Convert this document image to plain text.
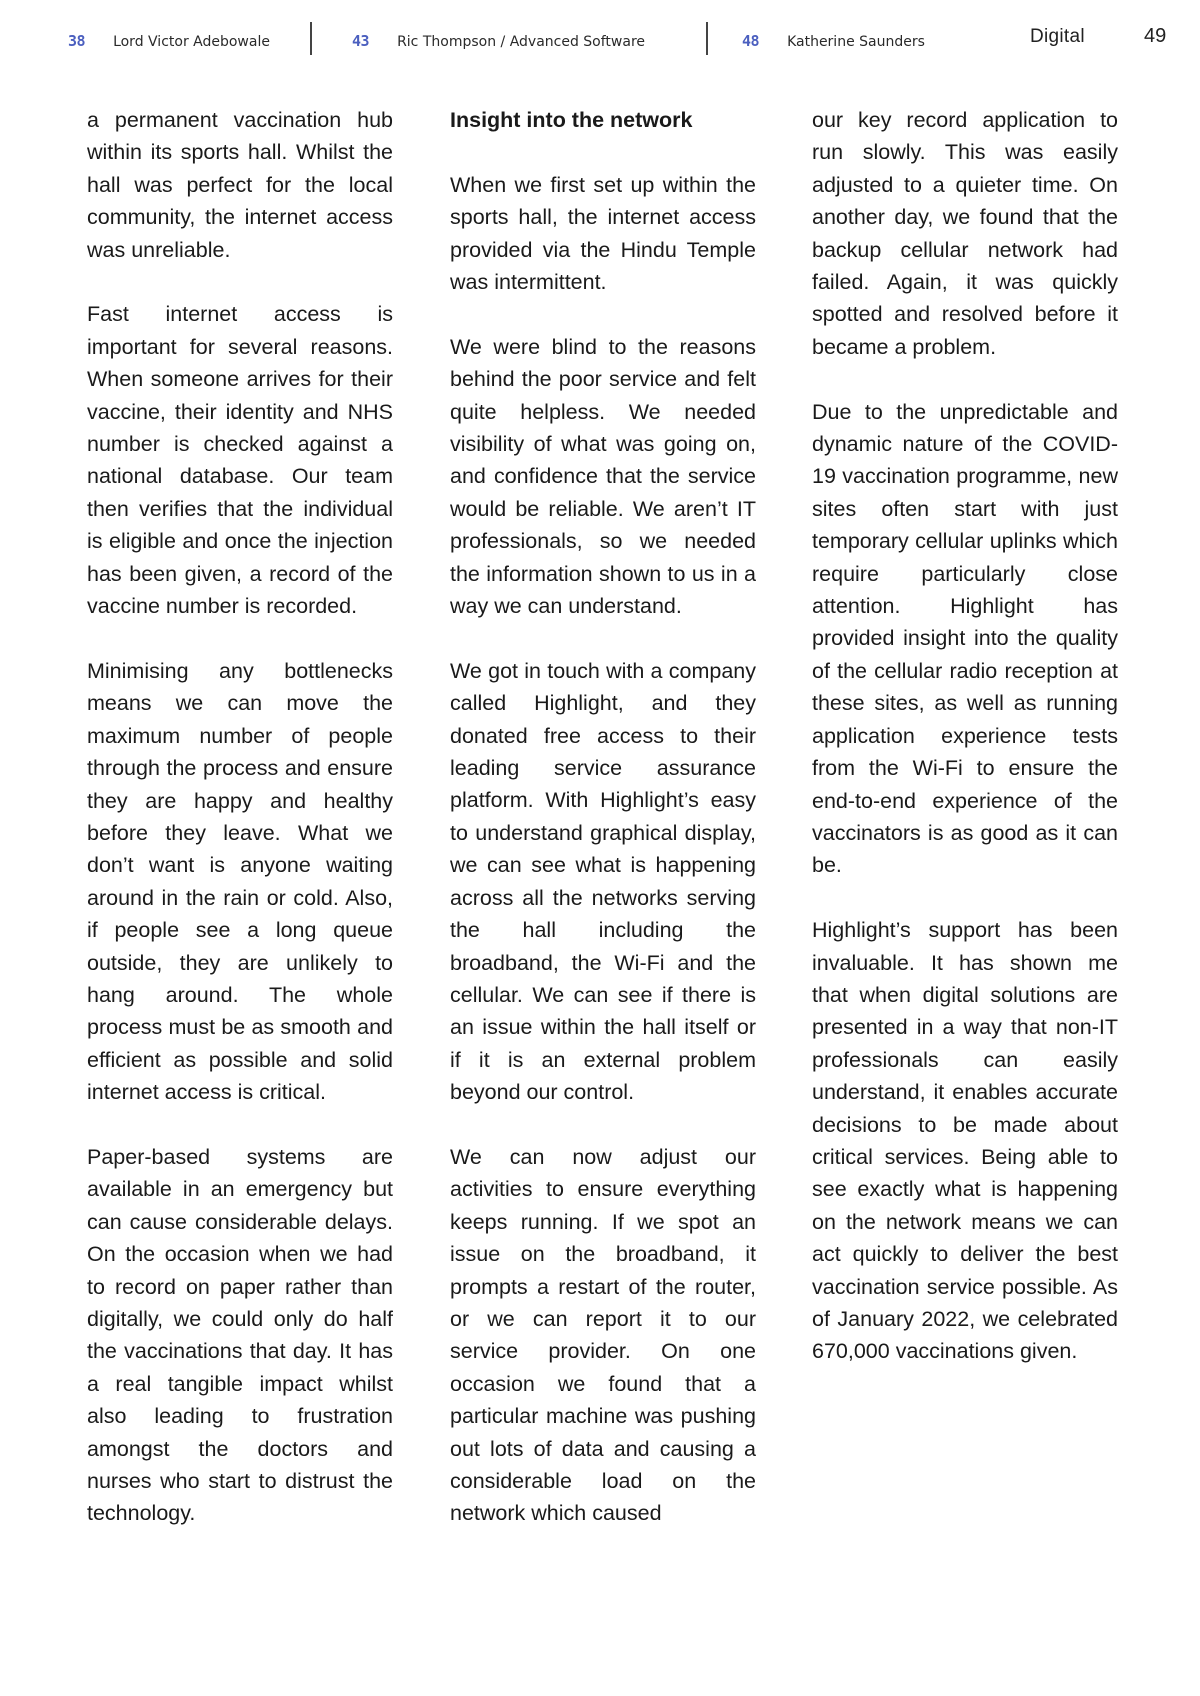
38 Lord Victor Adebowale	43 Ric Thompson / Advanced Software	48 Katherine Saunders	Digital	49

a permanent vaccination hub within its sports hall. Whilst the hall was perfect for the local community, the internet access was unreliable.

Fast internet access is important for several reasons. When someone arrives for their vaccine, their identity and NHS number is checked against a national database. Our team then verifies that the individual is eligible and once the injection has been given, a record of the vaccine number is recorded.

Minimising any bottlenecks means we can move the maximum number of people through the process and ensure they are happy and healthy before they leave. What we don’t want is anyone waiting around in the rain or cold. Also, if people see a long queue outside, they are unlikely to hang around. The whole process must be as smooth and efficient as possible and solid internet access is critical.

Paper-based systems are available in an emergency but can cause considerable delays. On the occasion when we had to record on paper rather than digitally, we could only do half the vaccinations that day. It has a real tangible impact whilst also leading to frustration amongst the doctors and nurses who start to distrust the technology.

Insight into the network

When we first set up within the sports hall, the internet access provided via the Hindu Temple was intermittent.

We were blind to the reasons behind the poor service and felt quite helpless. We needed visibility of what was going on, and confidence that the service would be reliable. We aren’t IT professionals, so we needed the information shown to us in a way we can understand.

We got in touch with a company called Highlight, and they donated free access to their leading service assurance platform. With Highlight’s easy to understand graphical display, we can see what is happening across all the networks serving the hall including the broadband, the Wi-Fi and the cellular. We can see if there is an issue within the hall itself or if it is an external problem beyond our control.

We can now adjust our activities to ensure everything keeps running. If we spot an issue on the broadband, it prompts a restart of the router, or we can report it to our service provider. On one occasion we found that a particular machine was pushing out lots of data and causing a considerable load on the network which caused

our key record application to run slowly. This was easily adjusted to a quieter time. On another day, we found that the backup cellular network had failed. Again, it was quickly spotted and resolved before it became a problem.

Due to the unpredictable and dynamic nature of the COVID-19 vaccination programme, new sites often start with just temporary cellular uplinks which require particularly close attention. Highlight has provided insight into the quality of the cellular radio reception at these sites, as well as running application experience tests from the Wi-Fi to ensure the end-to-end experience of the vaccinators is as good as it can be.

Highlight’s support has been invaluable. It has shown me that when digital solutions are presented in a way that non-IT professionals can easily understand, it enables accurate decisions to be made about critical services. Being able to see exactly what is happening on the network means we can act quickly to deliver the best vaccination service possible. As of January 2022, we celebrated 670,000 vaccinations given.
